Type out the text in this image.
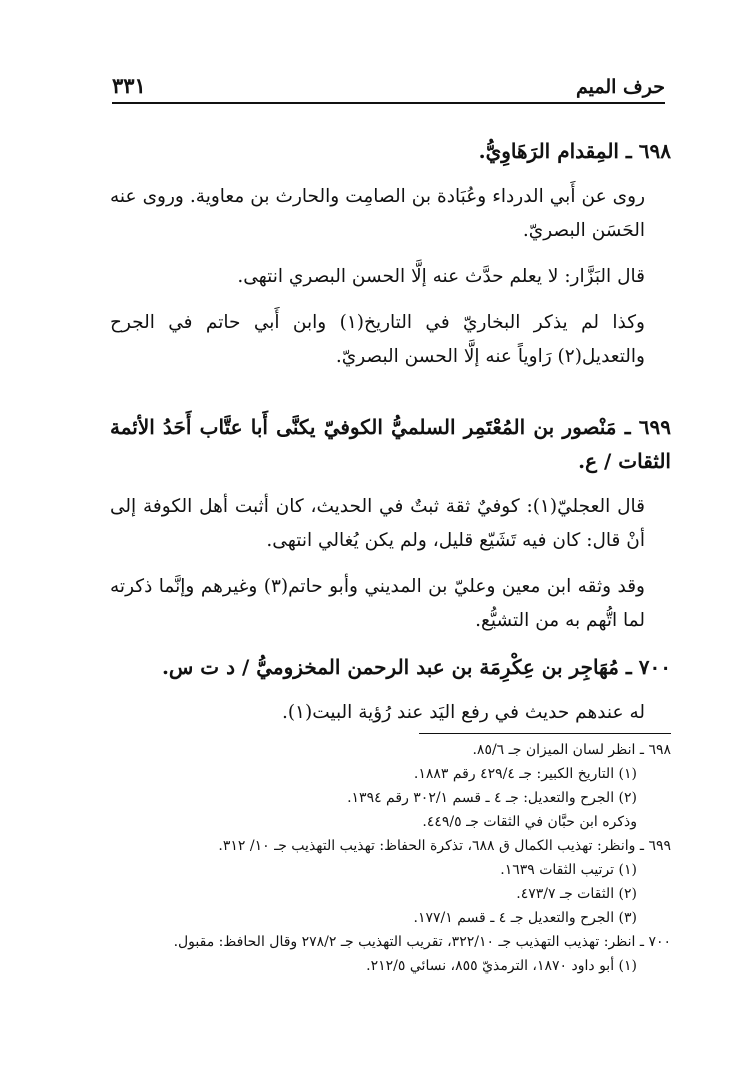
٣٣١	حرف الميم
٦٩٨ ـ المِقدام الرَهَاوِيُّ.

روى عن أَبي الدرداء وعُبَادة بن الصامِت والحارث بن معاوية. وروى عنه الحَسَن البصريّ.

قال البَزَّار: لا يعلم حدَّث عنه إلَّا الحسن البصري انتهى.

وكذا لم يذكر البخاريّ في التاريخ(١) وابن أَبي حاتم في الجرح والتعديل(٢) رَاوياً عنه إلَّا الحسن البصريّ.

٦٩٩ ـ مَنْصور بن المُعْتَمِر السلميُّ الكوفيّ يكنَّى أَبا عتَّاب أَحَدُ الأئمة الثقات / ع.

قال العجليّ(١): كوفيٌ ثقة ثبتٌ في الحديث، كان أثبت أهل الكوفة إلى أنْ قال: كان فيه تَشَيّع قليل، ولم يكن يُغالي انتهى.

وقد وثقه ابن معين وعليّ بن المديني وأبو حاتم(٣) وغيرهم وإنَّما ذكرته لما اتُّهم به من التشيُّع.

٧٠٠ ـ مُهَاجِر بن عِكْرِمَة بن عبد الرحمن المخزوميُّ / د ت س.

له عندهم حديث في رفع اليَد عند رُؤية البيت(١).

٦٩٨ ـ انظر لسان الميزان جـ ٨٥/٦.

(١) التاريخ الكبير: جـ ٤٢٩/٤ رقم ١٨٨٣.

(٢) الجرح والتعديل: جـ ٤ ـ قسم ٣٠٢/١ رقم ١٣٩٤.

وذكره ابن حبَّان في الثقات جـ ٤٤٩/٥.

٦٩٩ ـ وانظر: تهذيب الكمال ق ٦٨٨، تذكرة الحفاظ: تهذيب التهذيب جـ ١٠/ ٣١٢.

(١) ترتيب الثقات ١٦٣٩.

(٢) الثقات جـ ٤٧٣/٧.

(٣) الجرح والتعديل جـ ٤ ـ قسم ١٧٧/١.

٧٠٠ ـ انظر: تهذيب التهذيب جـ ٣٢٢/١٠، تقريب التهذيب جـ ٢٧٨/٢ وقال الحافظ: مقبول.

(١) أبو داود ١٨٧٠، الترمذيّ ٨٥٥، نسائي ٢١٢/٥.
